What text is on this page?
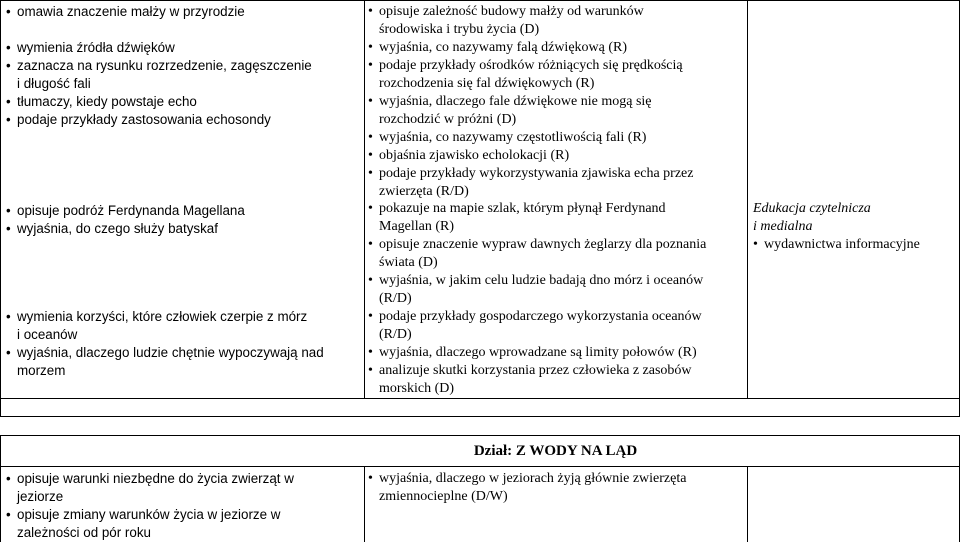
• omawia znaczenie małży w przyrodzie
• wymienia źródła dźwięków
• zaznacza na rysunku rozrzedzenie, zagęszczenie
i długość fali
• tłumaczy, kiedy powstaje echo
• podaje przykłady zastosowania echosondy
• opisuje podróż Ferdynanda Magellana
• wyjaśnia, do czego służy batyskaf
• wymienia korzyści, które człowiek czerpie z mórz
i oceanów
• wyjaśnia, dlaczego ludzie chętnie wypoczywają nad
morzem
• opisuje zależność budowy małży od warunków
środowiska i trybu życia (D)
• wyjaśnia, co nazywamy falą dźwiękową (R)
• podaje przykłady ośrodków różniących się prędkością
rozchodzenia się fal dźwiękowych (R)
• wyjaśnia, dlaczego fale dźwiękowe nie mogą się
rozchodzić w próżni (D)
• wyjaśnia, co nazywamy częstotliwością fali (R)
• objaśnia zjawisko echolokacji (R)
• podaje przykłady wykorzystywania zjawiska echa przez
zwierzęta (R/D)
• pokazuje na mapie szlak, którym płynął Ferdynand
Magellan (R)
• opisuje znaczenie wypraw dawnych żeglarzy dla poznania
świata (D)
• wyjaśnia, w jakim celu ludzie badają dno mórz i oceanów
(R/D)
• podaje przykłady gospodarczego wykorzystania oceanów
(R/D)
• wyjaśnia, dlaczego wprowadzane są limity połowów (R)
• analizuje skutki korzystania przez człowieka z zasobów
morskich (D)
Edukacja czytelnicza
i medialna
• wydawnictwa informacyjne
Dział: Z WODY NA LĄD
• opisuje warunki niezbędne do życia zwierząt w
jeziorze
• opisuje zmiany warunków życia w jeziorze w
zależności od pór roku
• wyjaśnia, dlaczego w jeziorach żyją głównie zwierzęta
zmiennocieplne (D/W)
